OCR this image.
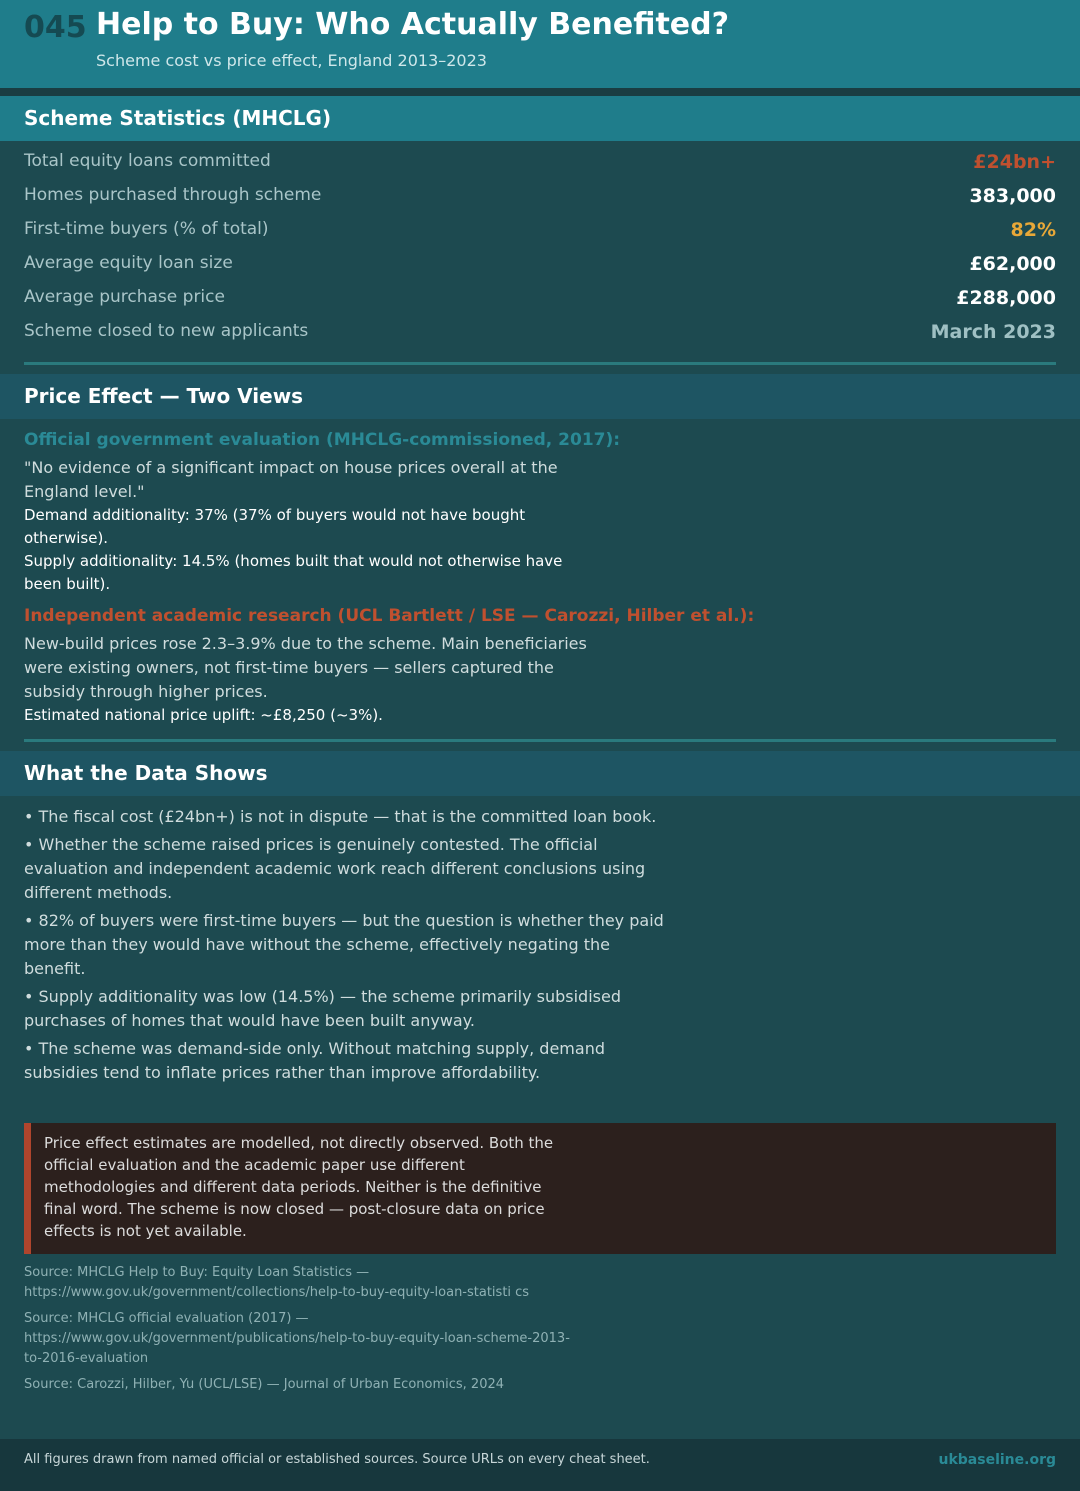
045 Help to Buy: Who Actually Benefited?
Scheme cost vs price effect, England 2013–2023
Scheme Statistics (MHCLG)
Total equity loans committed	£24bn+
Homes purchased through scheme	383,000
First-time buyers (% of total)	82%
Average equity loan size	£62,000
Average purchase price	£288,000
Scheme closed to new applicants	March 2023
Price Effect — Two Views
Official government evaluation (MHCLG-commissioned, 2017):
"No evidence of a significant impact on house prices overall at the England level."
Demand additionality: 37% (37% of buyers would not have bought otherwise).
Supply additionality: 14.5% (homes built that would not otherwise have been built).
Independent academic research (UCL Bartlett / LSE — Carozzi, Hilber et al.):
New-build prices rose 2.3–3.9% due to the scheme. Main beneficiaries were existing owners, not first-time buyers — sellers captured the subsidy through higher prices.
Estimated national price uplift: ~£8,250 (~3%).
What the Data Shows
• The fiscal cost (£24bn+) is not in dispute — that is the committed loan book.
• Whether the scheme raised prices is genuinely contested. The official evaluation and independent academic work reach different conclusions using different methods.
• 82% of buyers were first-time buyers — but the question is whether they paid more than they would have without the scheme, effectively negating the benefit.
• Supply additionality was low (14.5%) — the scheme primarily subsidised purchases of homes that would have been built anyway.
• The scheme was demand-side only. Without matching supply, demand subsidies tend to inflate prices rather than improve affordability.
Price effect estimates are modelled, not directly observed. Both the official evaluation and the academic paper use different methodologies and different data periods. Neither is the definitive final word. The scheme is now closed — post-closure data on price effects is not yet available.
Source: MHCLG Help to Buy: Equity Loan Statistics — https://www.gov.uk/government/collections/help-to-buy-equity-loan-statisti cs
Source: MHCLG official evaluation (2017) — https://www.gov.uk/government/publications/help-to-buy-equity-loan-scheme-2013-to-2016-evaluation
Source: Carozzi, Hilber, Yu (UCL/LSE) — Journal of Urban Economics, 2024
All figures drawn from named official or established sources. Source URLs on every cheat sheet.	ukbaseline.org
